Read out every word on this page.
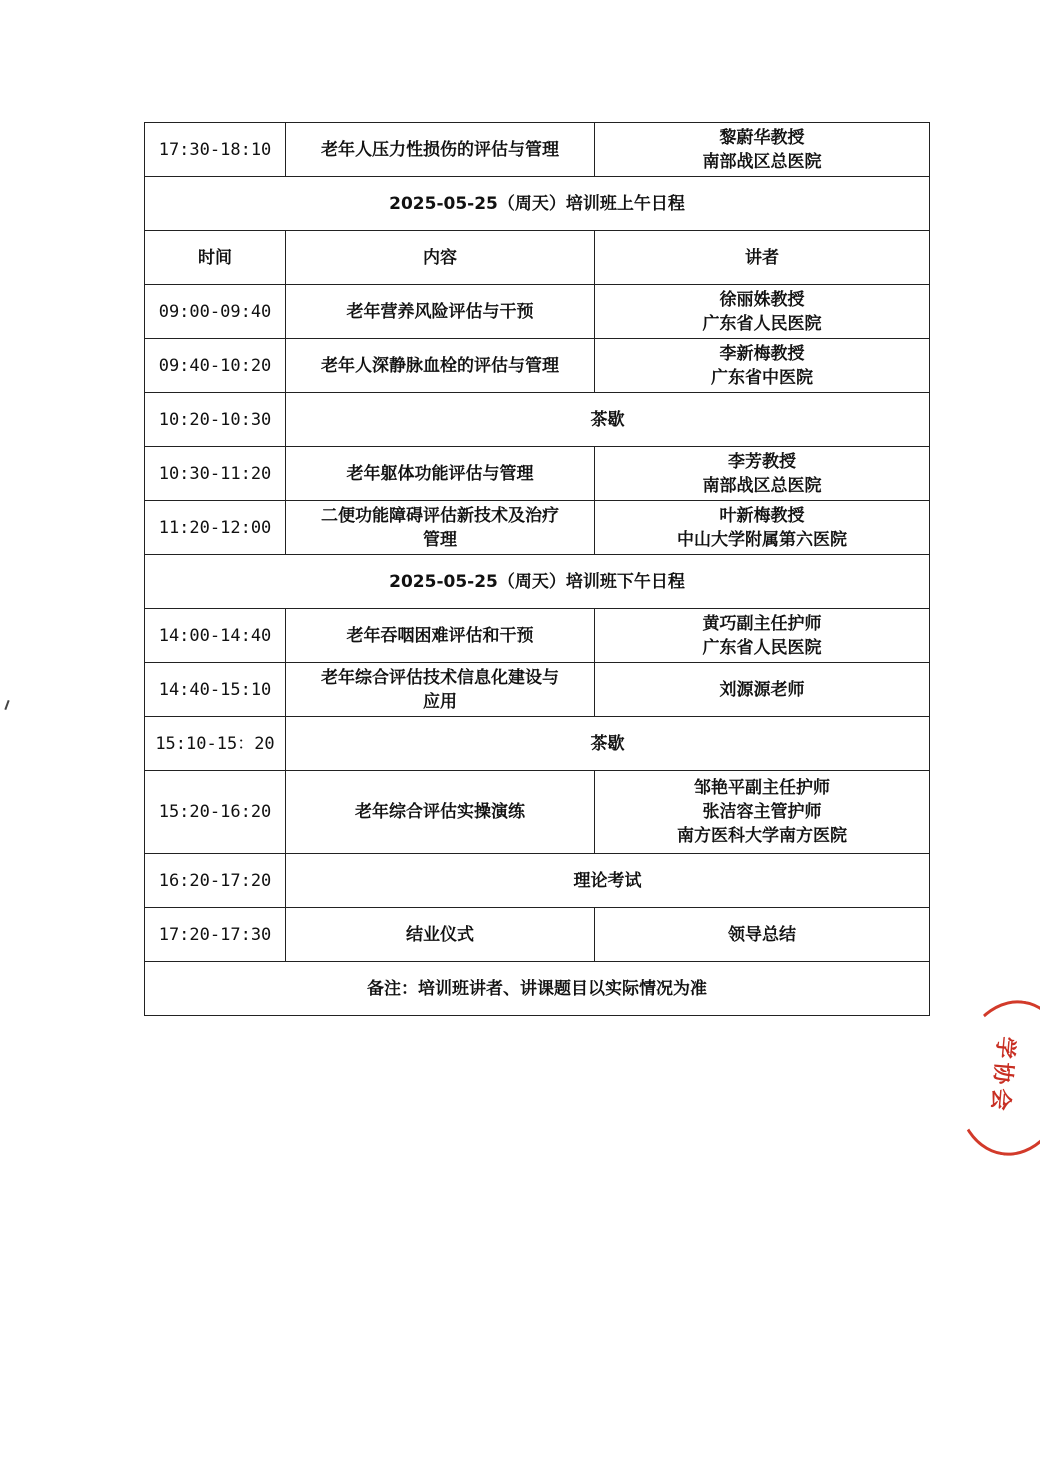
17:30-18:10	老年人压力性损伤的评估与管理	黎蔚华教授
南部战区总医院

2025-05-25（周天）培训班上午日程		
时间	内容	讲者
09:00-09:40	老年营养风险评估与干预	徐丽姝教授
广东省人民医院

09:40-10:20	老年人深静脉血栓的评估与管理	李新梅教授
广东省中医院

10:20-10:30	茶歇	
10:30-11:20	老年躯体功能评估与管理	李芳教授
南部战区总医院

11:20-12:00	二便功能障碍评估新技术及治疗
管理	叶新梅教授
中山大学附属第六医院

2025-05-25（周天）培训班下午日程		
14:00-14:40	老年吞咽困难评估和干预	黄巧副主任护师
广东省人民医院

14:40-15:10	老年综合评估技术信息化建设与
应用	刘源源老师

15:10-15：20	茶歇	
15:20-16:20	老年综合评估实操演练	邹艳平副主任护师
张洁容主管护师
南方医科大学南方医院

16:20-17:20	理论考试	
17:20-17:30	结业仪式	领导总结

备注：培训班讲者、讲课题目以实际情况为准		
学协会
